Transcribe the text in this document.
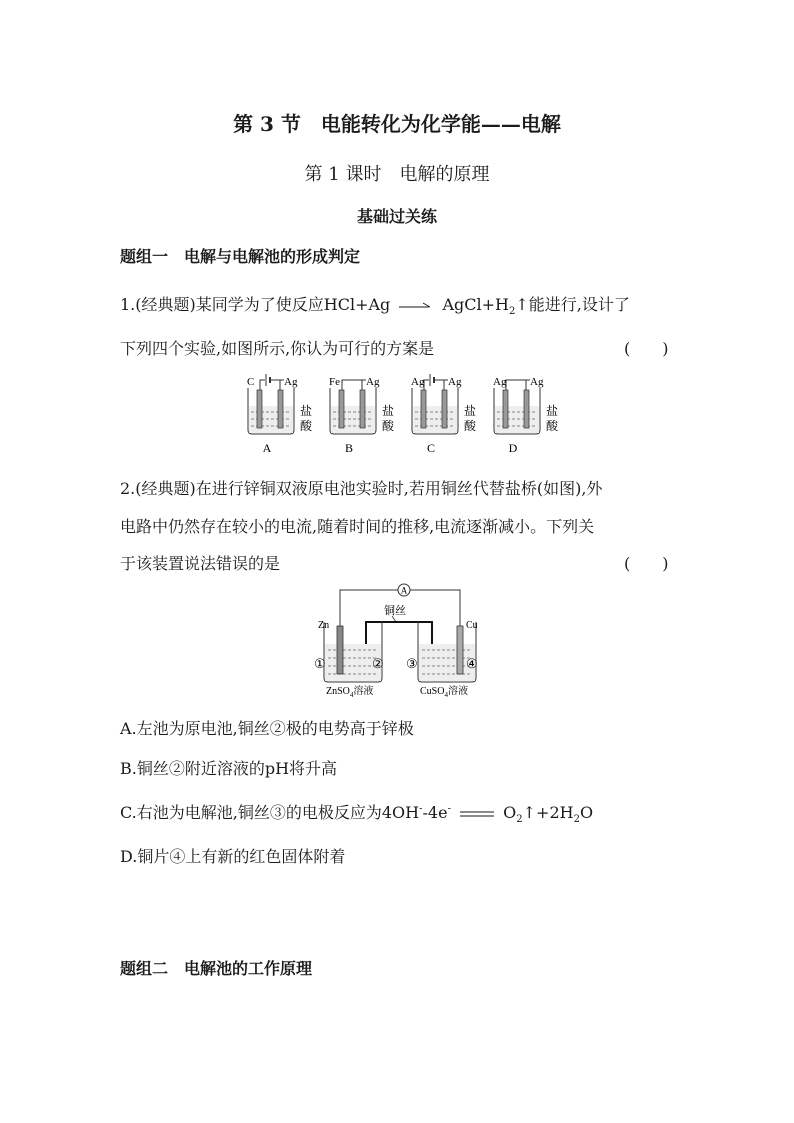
第 3 节　电能转化为化学能——电解
第 1 课时　电解的原理
基础过关练
题组一　电解与电解池的形成判定
1.(经典题)某同学为了使反应$HCl+Ag \to AgCl+H_2↑$能进行,设计了
下列四个实验,如图所示,你认为可行的方案是	(　　)
C	Ag
盐
酸
A
Fe Ag
盐
酸
B
Ag Ag
盐
酸
C
Ag Ag
盐
酸
D
2.(经典题)在进行锌铜双液原电池实验时,若用铜丝代替盐桥(如图),外
电路中仍然存在较小的电流,随着时间的推移,电流逐渐减小。下列关
于该装置说法错误的是	(　　)
A
铜丝
Zn	Cu
①	② ③	④
ZnSO$_4$溶液	CuSO$_4$溶液
A.左池为原电池,铜丝②极的电势高于锌极
B.铜丝②附近溶液的pH将升高
C.右池为电解池,铜丝③的电极反应为4OH--4e-	$O_2↑+2H_2O$
D.铜片④上有新的红色固体附着
题组二　电解池的工作原理
